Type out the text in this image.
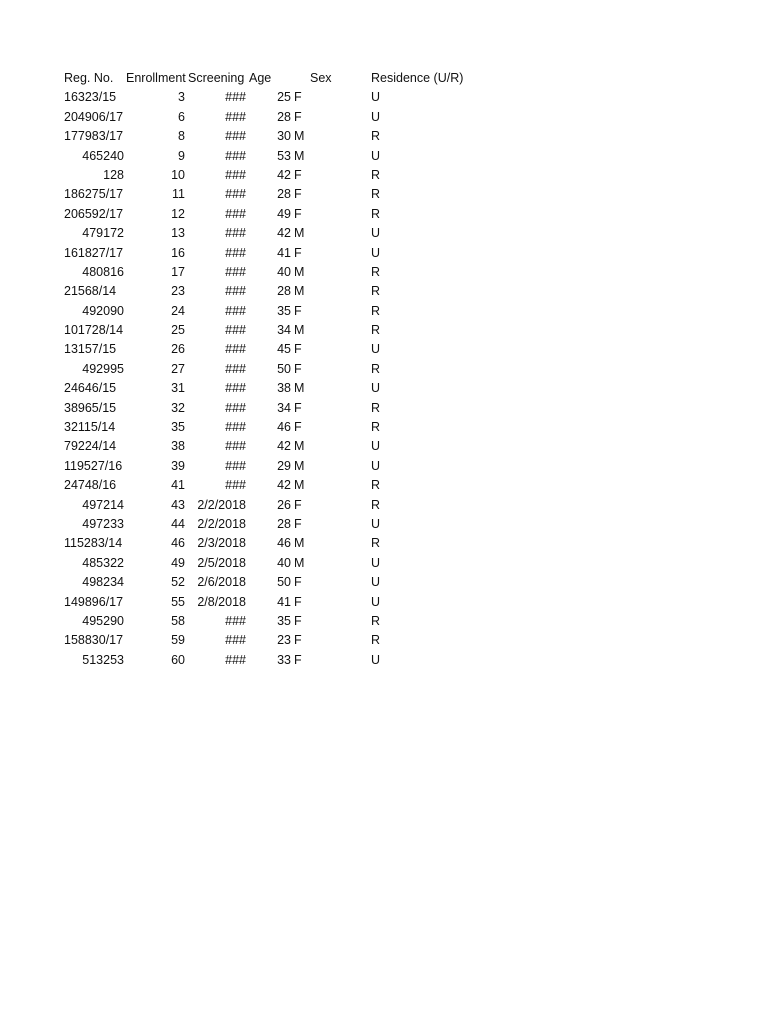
Reg. No.	Enrollment Screening Age	Sex	Residence (U/R)
16323/15	3	###	25 F	U
204906/17	6	###	28 F	U
177983/17	8	###	30 M	R
465240	9	###	53 M	U
128	10	###	42 F	R
186275/17	11	###	28 F	R
206592/17	12	###	49 F	R
479172	13	###	42 M	U
161827/17	16	###	41 F	U
480816	17	###	40 M	R
21568/14	23	###	28 M	R
492090	24	###	35 F	R
101728/14	25	###	34 M	R
13157/15	26	###	45 F	U
492995	27	###	50 F	R
24646/15	31	###	38 M	U
38965/15	32	###	34 F	R
32115/14	35	###	46 F	R
79224/14	38	###	42 M	U
119527/16	39	###	29 M	U
24748/16	41	###	42 M	R
497214	43 2/2/2018	26 F	R
497233	44 2/2/2018	28 F	U
115283/14	46 2/3/2018	46 M	R
485322	49 2/5/2018	40 M	U
498234	52 2/6/2018	50 F	U
149896/17	55 2/8/2018	41 F	U
495290	58	###	35 F	R
158830/17	59	###	23 F	R
513253	60	###	33 F	U
